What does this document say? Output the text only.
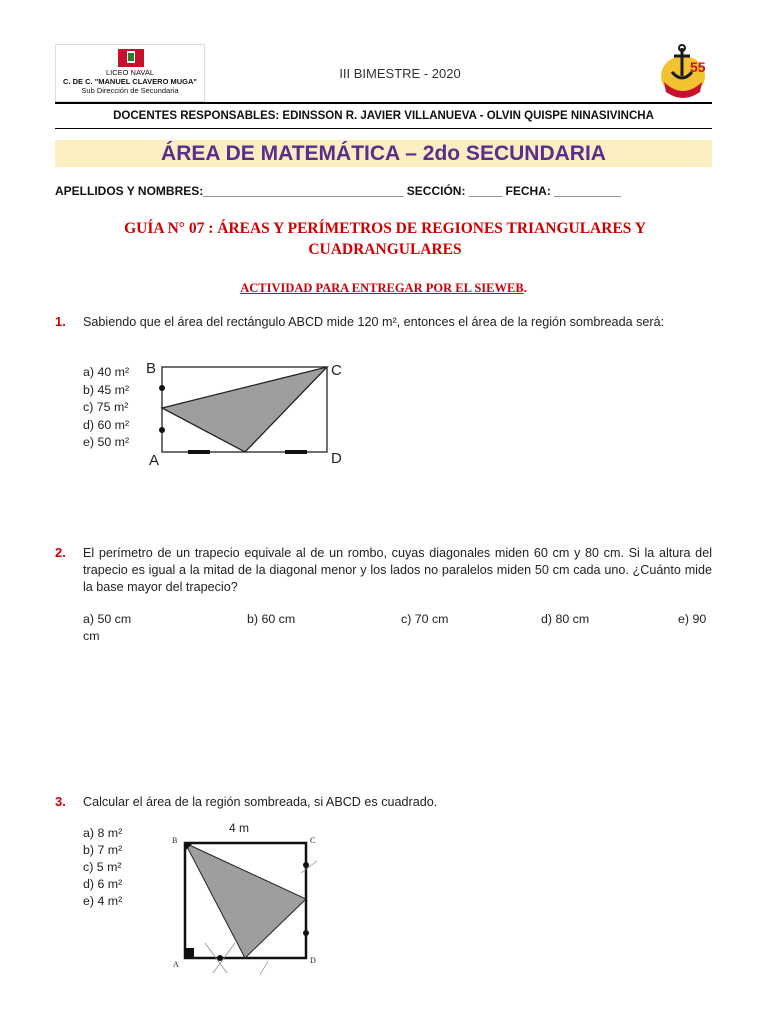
LICEO NAVAL
C. DE C. "MANUEL CLAVERO MUGA"
Sub Dirección de Secundaria
III BIMESTRE - 2020	55
DOCENTES RESPONSABLES: EDINSSON R. JAVIER VILLANUEVA - OLVIN QUISPE NINASIVINCHA
ÁREA DE MATEMÁTICA – 2do SECUNDARIA
APELLIDOS Y NOMBRES:______________________________ SECCIÓN: _____ FECHA: __________
GUÍA N° 07 : ÁREAS Y PERÍMETROS DE REGIONES TRIANGULARES Y
CUADRANGULARES
ACTIVIDAD PARA ENTREGAR POR EL SIEWEB.
1. Sabiendo que el área del rectángulo ABCD mide 120 m², entonces el área de la región sombreada será:
a) 40 m²
b) 45 m²
c) 75 m²
d) 60 m²
e) 50 m²
B	C
A	D
2. El perímetro de un trapecio equivale al de un rombo, cuyas diagonales miden 60 cm y 80 cm. Si la altura del trapecio es igual a la mitad de la diagonal menor y los lados no paralelos miden 50 cm cada uno. ¿Cuánto mide la base mayor del trapecio?
a) 50 cm	b) 60 cm	c) 70 cm	d) 80 cm	e) 90
cm
3. Calcular el área de la región sombreada, si ABCD es cuadrado.
a) 8 m²
b) 7 m²
c) 5 m²
d) 6 m²
e) 4 m²
4 m
B	C
A	D
